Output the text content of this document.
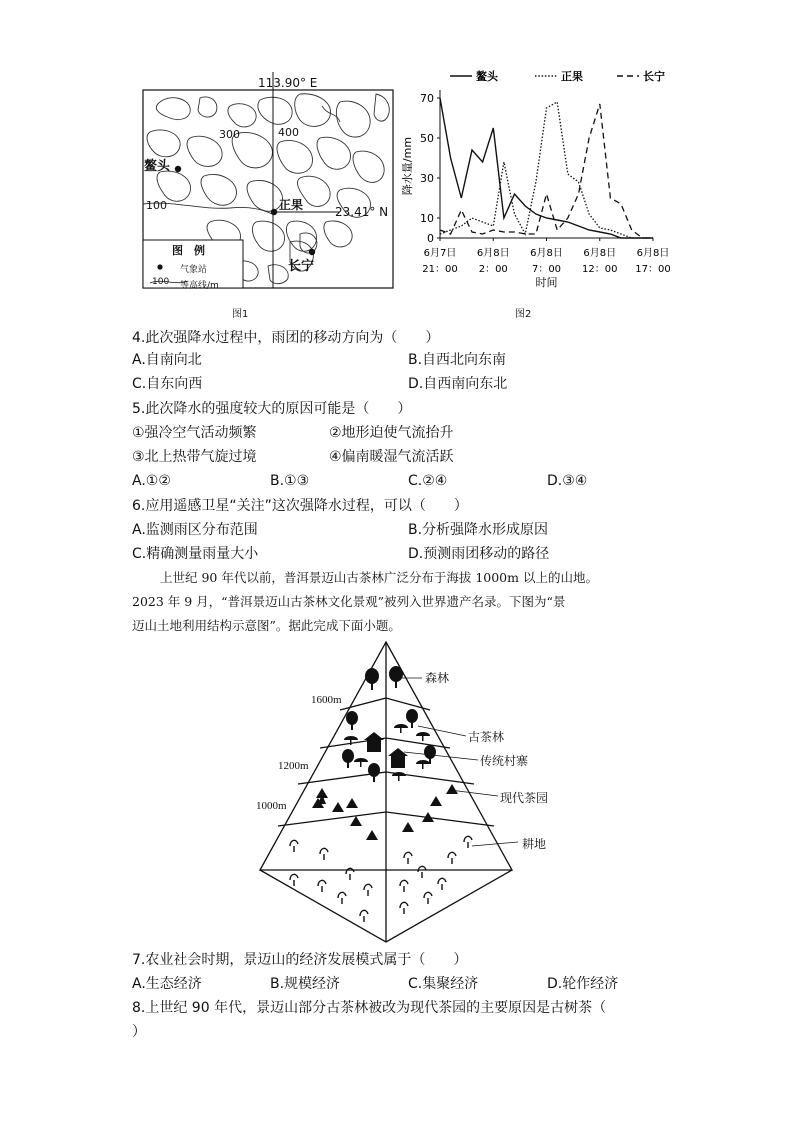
113.90° E
23.41° N
鳌头
正果
长宁
100
300	400
图　例
气象站
100 等高线/m
图1
0
10
30
50
70
6月7日
21：00
6月8日
2：00
6月8日
7：00
6月8日
12：00
6月8日
17：00
时间
降水量/mm
鳌头	正果	长宁
图2
4.此次强降水过程中，雨团的移动方向为（　　）
A.自南向北	B.自西北向东南
C.自东向西	D.自西南向东北
5.此次降水的强度较大的原因可能是（　　）
①强冷空气活动频繁	②地形迫使气流抬升
③北上热带气旋过境	④偏南暖湿气流活跃
A.①②	B.①③	C.②④	D.③④
6.应用遥感卫星“关注”这次强降水过程，可以（　　）
A.监测雨区分布范围	B.分析强降水形成原因
C.精确测量雨量大小	D.预测雨团移动的路径
上世纪 90 年代以前，普洱景迈山古茶林广泛分布于海拔 1000m 以上的山地。
2023 年 9 月，“普洱景迈山古茶林文化景观”被列入世界遗产名录。下图为“景
迈山土地利用结构示意图”。据此完成下面小题。
1600m
1200m
1000m
森林
古茶林
传统村寨
现代茶园
耕地
7.农业社会时期，景迈山的经济发展模式属于（　　）
A.生态经济	B.规模经济	C.集聚经济	D.轮作经济
8.上世纪 90 年代，景迈山部分古茶林被改为现代茶园的主要原因是古树茶（
）
